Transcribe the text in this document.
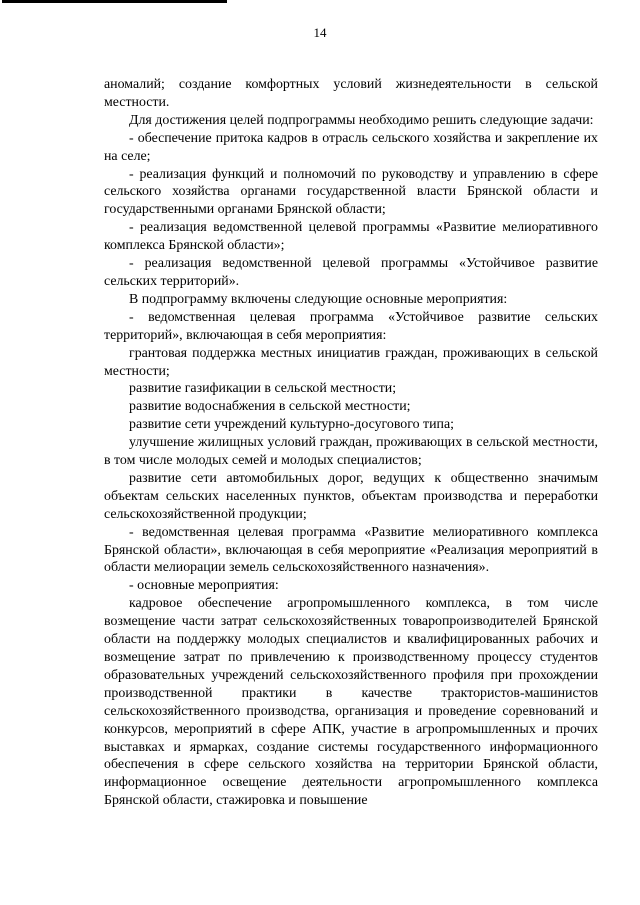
14

аномалий; создание комфортных условий жизнедеятельности в сельской местности.

Для достижения целей подпрограммы необходимо решить следующие задачи:

- обеспечение притока кадров в отрасль сельского хозяйства и закрепление их на селе;

- реализация функций и полномочий по руководству и управлению в сфере сельского хозяйства органами государственной власти Брянской области и государственными органами Брянской области;

- реализация ведомственной целевой программы «Развитие мелиоративного комплекса Брянской области»;

- реализация ведомственной целевой программы «Устойчивое развитие сельских территорий».

В подпрограмму включены следующие основные мероприятия:

- ведомственная целевая программа «Устойчивое развитие сельских территорий», включающая в себя мероприятия:

грантовая поддержка местных инициатив граждан, проживающих в сельской местности;

развитие газификации в сельской местности;

развитие водоснабжения в сельской местности;

развитие сети учреждений культурно-досугового типа;

улучшение жилищных условий граждан, проживающих в сельской местности, в том числе молодых семей и молодых специалистов;

развитие сети автомобильных дорог, ведущих к общественно значимым объектам сельских населенных пунктов, объектам производства и переработки сельскохозяйственной продукции;

- ведомственная целевая программа «Развитие мелиоративного комплекса Брянской области», включающая в себя мероприятие «Реализация мероприятий в области мелиорации земель сельскохозяйственного назначения».

- основные мероприятия:

кадровое обеспечение агропромышленного комплекса, в том числе возмещение части затрат сельскохозяйственных товаропроизводителей Брянской области на поддержку молодых специалистов и квалифицированных рабочих и возмещение затрат по привлечению к производственному процессу студентов образовательных учреждений сельскохозяйственного профиля при прохождении производственной практики в качестве трактористов-машинистов сельскохозяйственного производства, организация и проведение соревнований и конкурсов, мероприятий в сфере АПК, участие в агропромышленных и прочих выставках и ярмарках, создание системы государственного информационного обеспечения в сфере сельского хозяйства на территории Брянской области, информационное освещение деятельности агропромышленного комплекса Брянской области, стажировка и повышение
